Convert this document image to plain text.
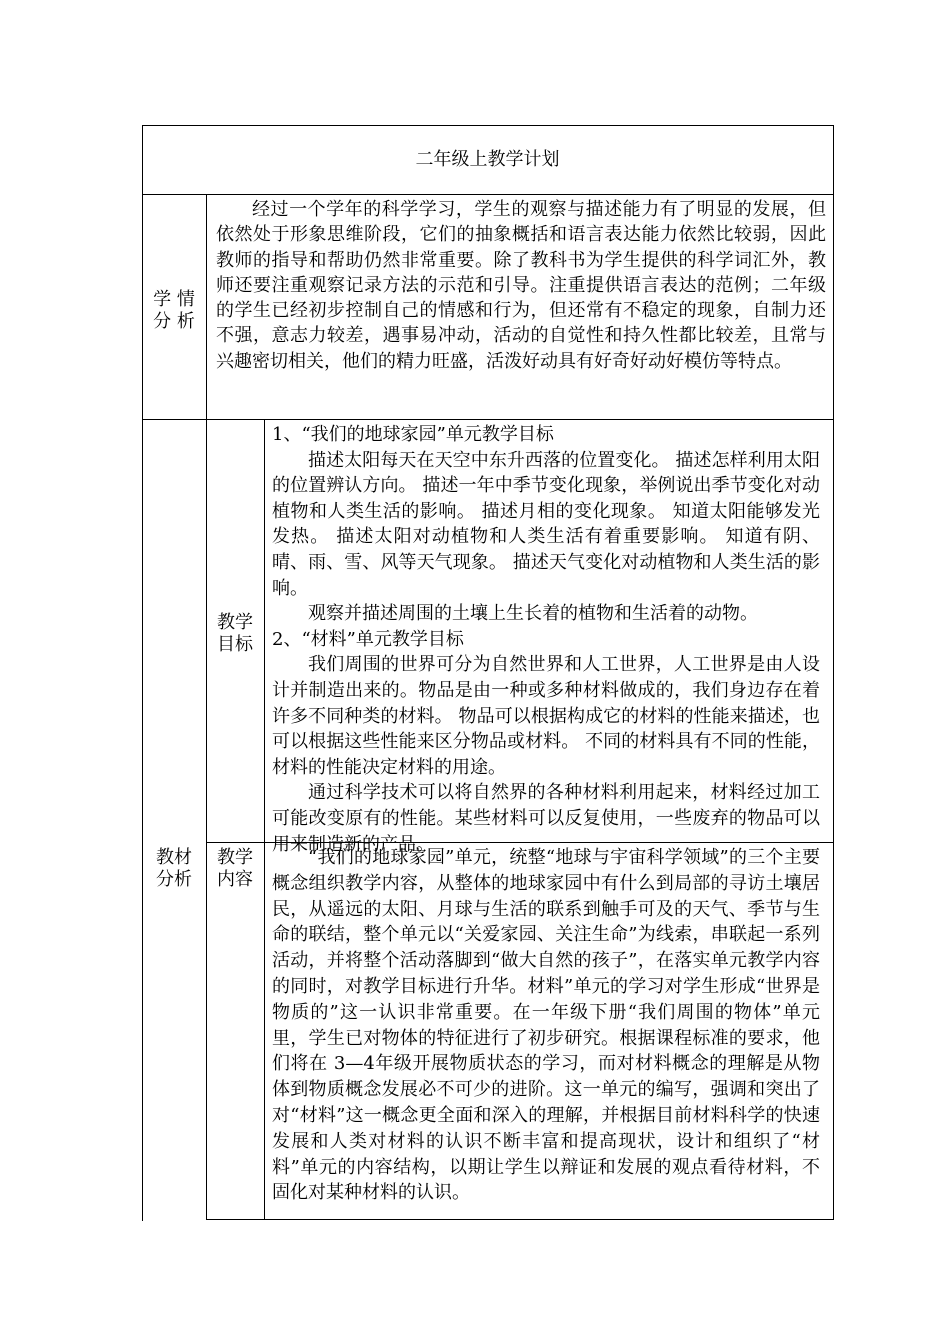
二年级上教学计划
学 情
分 析

经过一个学年的科学学习，学生的观察与描述能力有了明显的发展，但依然处于形象思维阶段，它们的抽象概括和语言表达能力依然比较弱，因此教师的指导和帮助仍然非常重要。除了教科书为学生提供的科学词汇外，教师还要注重观察记录方法的示范和引导。注重提供语言表达的范例；二年级的学生已经初步控制自己的情感和行为，但还常有不稳定的现象，自制力还不强，意志力较差，遇事易冲动，活动的自觉性和持久性都比较差，且常与兴趣密切相关，他们的精力旺盛，活泼好动具有好奇好动好模仿等特点。

教学
目标

1、“我们的地球家园”单元教学目标

描述太阳每天在天空中东升西落的位置变化。 描述怎样利用太阳的位置辨认方向。 描述一年中季节变化现象，举例说出季节变化对动植物和人类生活的影响。 描述月相的变化现象。 知道太阳能够发光发热。 描述太阳对动植物和人类生活有着重要影响。 知道有阴、晴、雨、雪、风等天气现象。 描述天气变化对动植物和人类生活的影响。

观察并描述周围的土壤上生长着的植物和生活着的动物。

2、“材料”单元教学目标

我们周围的世界可分为自然世界和人工世界，人工世界是由人设计并制造出来的。物品是由一种或多种材料做成的，我们身边存在着许多不同种类的材料。 物品可以根据构成它的材料的性能来描述，也可以根据这些性能来区分物品或材料。 不同的材料具有不同的性能，材料的性能决定材料的用途。

通过科学技术可以将自然界的各种材料利用起来，材料经过加工可能改变原有的性能。某些材料可以反复使用，一些废弃的物品可以用来制造新的产品。

教材
分析
教学
内容

“我们的地球家园”单元，统整“地球与宇宙科学领域”的三个主要概念组织教学内容，从整体的地球家园中有什么到局部的寻访土壤居民，从遥远的太阳、月球与生活的联系到触手可及的天气、季节与生命的联结，整个单元以“关爱家园、关注生命”为线索，串联起一系列活动，并将整个活动落脚到“做大自然的孩子”，在落实单元教学内容的同时，对教学目标进行升华。材料”单元的学习对学生形成“世界是物质的”这一认识非常重要。在一年级下册“我们周围的物体”单元里，学生已对物体的特征进行了初步研究。根据课程标准的要求，他们将在 3—4年级开展物质状态的学习，而对材料概念的理解是从物体到物质概念发展必不可少的进阶。这一单元的编写，强调和突出了对“材料”这一概念更全面和深入的理解，并根据目前材料科学的快速发展和人类对材料的认识不断丰富和提高现状，设计和组织了“材料”单元的内容结构，以期让学生以辩证和发展的观点看待材料，不固化对某种材料的认识。
